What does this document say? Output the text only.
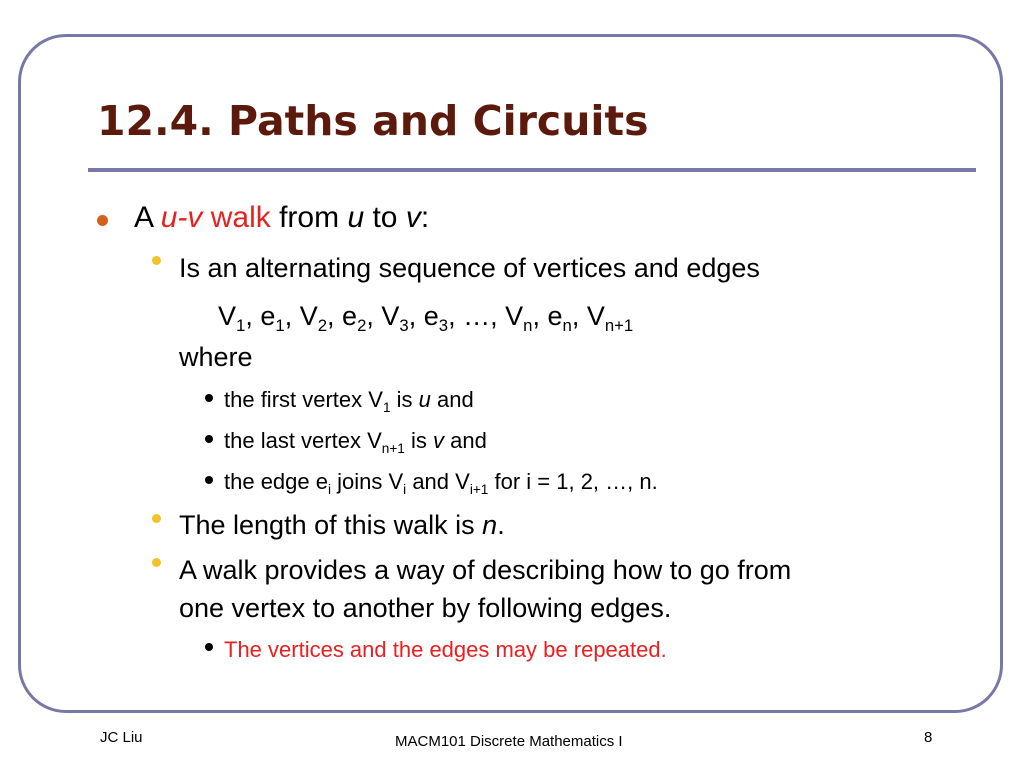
12.4. Paths and Circuits
A u-v walk from u to v:
Is an alternating sequence of vertices and edges
$V_1$, $e_1$, $V_2$, $e_2$, $V_3$, $e_3$, …, $V_n$, $e_n$, $V_{n+1}$
where
the first vertex $V_1$ is u and
the last vertex $V_{n+1}$ is v and
the edge $e_i$ joins $V_i$ and $V_{i+1}$ for i = 1, 2, …, n.
The length of this walk is n.
A walk provides a way of describing how to go from
one vertex to another by following edges.
The vertices and the edges may be repeated.
JC Liu	MACM101 Discrete Mathematics I	8
